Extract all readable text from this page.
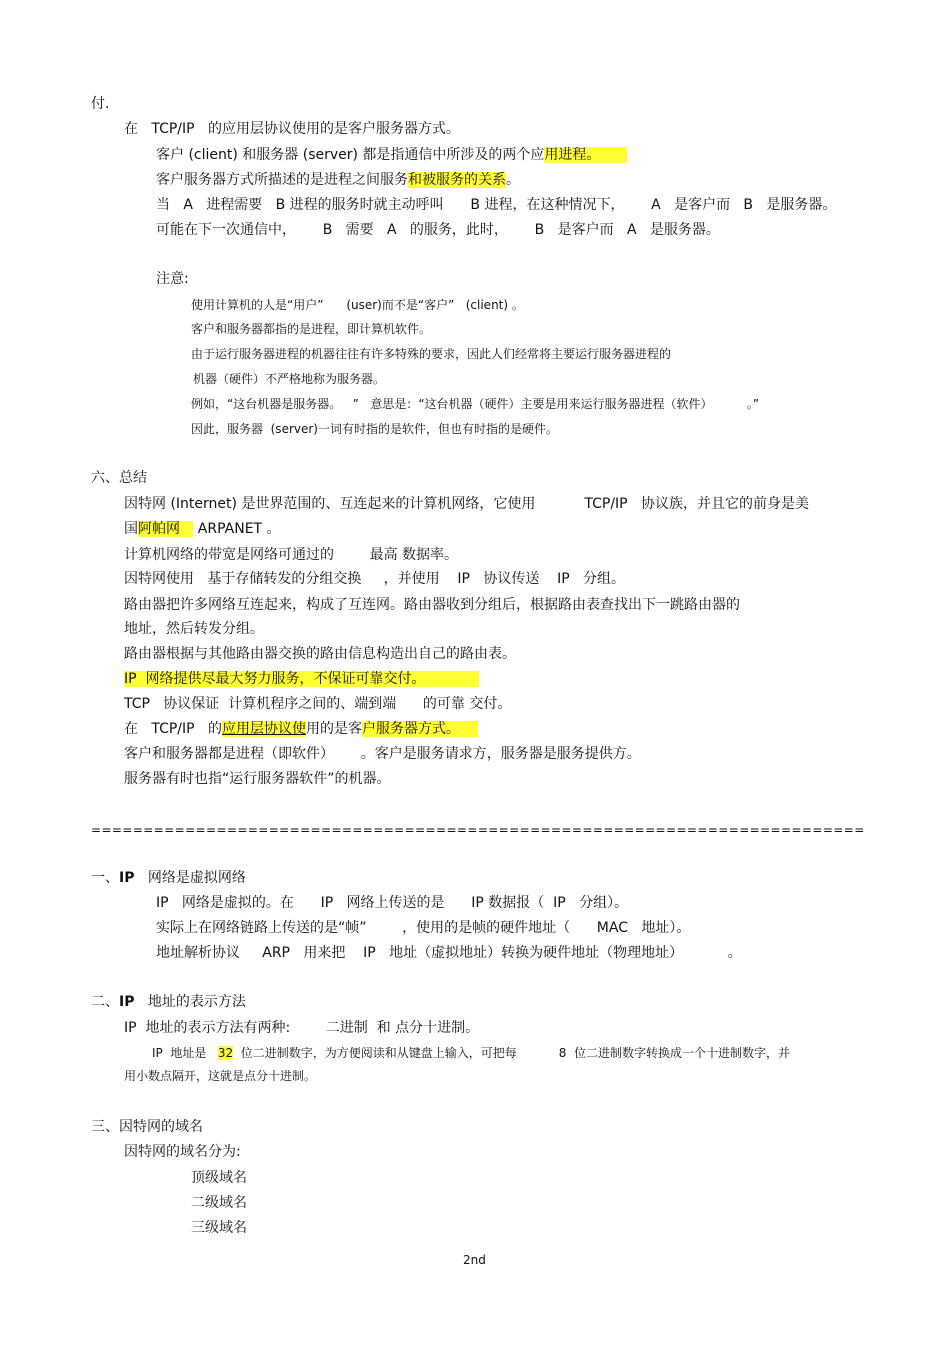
付.
在   TCP/IP   的应用层协议使用的是客户服务器方式。
客户 (client) 和服务器 (server) 都是指通信中所涉及的两个应用进程。
客户服务器方式所描述的是进程之间服务和被服务的关系。
当   A   进程需要   B 进程的服务时就主动呼叫      B 进程，在这种情况下，      A   是客户而   B   是服务器。
可能在下一次通信中，      B   需要   A   的服务，此时，      B   是客户而   A   是服务器。
注意:
使用计算机的人是“用户”      (user)而不是“客户”   (client) 。
客户和服务器都指的是进程，即计算机软件。
由于运行服务器进程的机器往往有许多特殊的要求，因此人们经常将主要运行服务器进程的
机器（硬件）不严格地称为服务器。
例如，“这台机器是服务器。   ”   意思是：“这台机器（硬件）主要是用来运行服务器进程（软件）         。”
因此，服务器  (server)一词有时指的是软件，但也有时指的是硬件。
六、总结
因特网 (Internet) 是世界范围的、互连起来的计算机网络，它使用           TCP/IP   协议族，并且它的前身是美
国阿帕网    ARPANET 。
计算机网络的带宽是网络可通过的        最高 数据率。
因特网使用   基于存储转发的分组交换     ，并使用    IP   协议传送    IP   分组。
路由器把许多网络互连起来，构成了互连网。路由器收到分组后，根据路由表查找出下一跳路由器的
地址，然后转发分组。
路由器根据与其他路由器交换的路由信息构造出自己的路由表。
IP  网络提供尽最大努力服务，不保证可靠交付。
TCP   协议保证  计算机程序之间的、端到端      的可靠 交付。
在   TCP/IP   的应用层协议使用的是客户服务器方式。
客户和服务器都是进程（即软件）      。客户是服务请求方，服务器是服务提供方。
服务器有时也指“运行服务器软件”的机器。
==========================================================================
一、IP   网络是虚拟网络
IP   网络是虚拟的。在      IP   网络上传送的是      IP 数据报（  IP   分组）。
实际上在网络链路上传送的是“帧”        ，使用的是帧的硬件地址（      MAC   地址）。
地址解析协议     ARP   用来把    IP   地址（虚拟地址）转换为硬件地址（物理地址）          。
二、IP   地址的表示方法
IP  地址的表示方法有两种:        二进制  和 点分十进制。
IP  地址是   32  位二进制数字，为方便阅读和从键盘上输入，可把每           8  位二进制数字转换成一个十进制数字，并
用小数点隔开，这就是点分十进制。
三、因特网的域名
因特网的域名分为:
顶级域名
二级域名
三级域名
2nd
